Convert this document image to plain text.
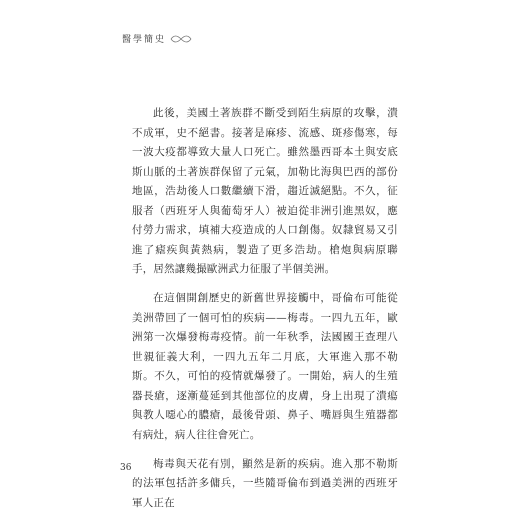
醫學簡史

此後，美國土著族群不斷受到陌生病原的攻擊，潰不成軍，史不絕書。接著是麻疹、流感、斑疹傷寒，每一波大疫都導致大量人口死亡。雖然墨西哥本土與安底斯山脈的土著族群保留了元氣，加勒比海與巴西的部份地區，浩劫後人口數繼續下滑，趨近滅絕點。不久，征服者（西班牙人與葡萄牙人）被迫從非洲引進黑奴，應付勞力需求，填補大疫造成的人口創傷。奴隸貿易又引進了瘧疾與黃熱病，製造了更多浩劫。槍炮與病原聯手，居然讓幾撮歐洲武力征服了半個美洲。

在這個開創歷史的新舊世界接觸中，哥倫布可能從美洲帶回了一個可怕的疾病——梅毒。一四九五年，歐洲第一次爆發梅毒疫情。前一年秋季，法國國王查理八世親征義大利，一四九五年二月底，大軍進入那不勒斯。不久，可怕的疫情就爆發了。一開始，病人的生殖器長瘡，逐漸蔓延到其他部位的皮膚，身上出現了潰瘍與教人噁心的膿瘡，最後骨頭、鼻子、嘴唇與生殖器都有病灶，病人往往會死亡。

梅毒與天花有別，顯然是新的疾病。進入那不勒斯的法軍包括許多傭兵，一些隨哥倫布到過美洲的西班牙軍人正在

36
